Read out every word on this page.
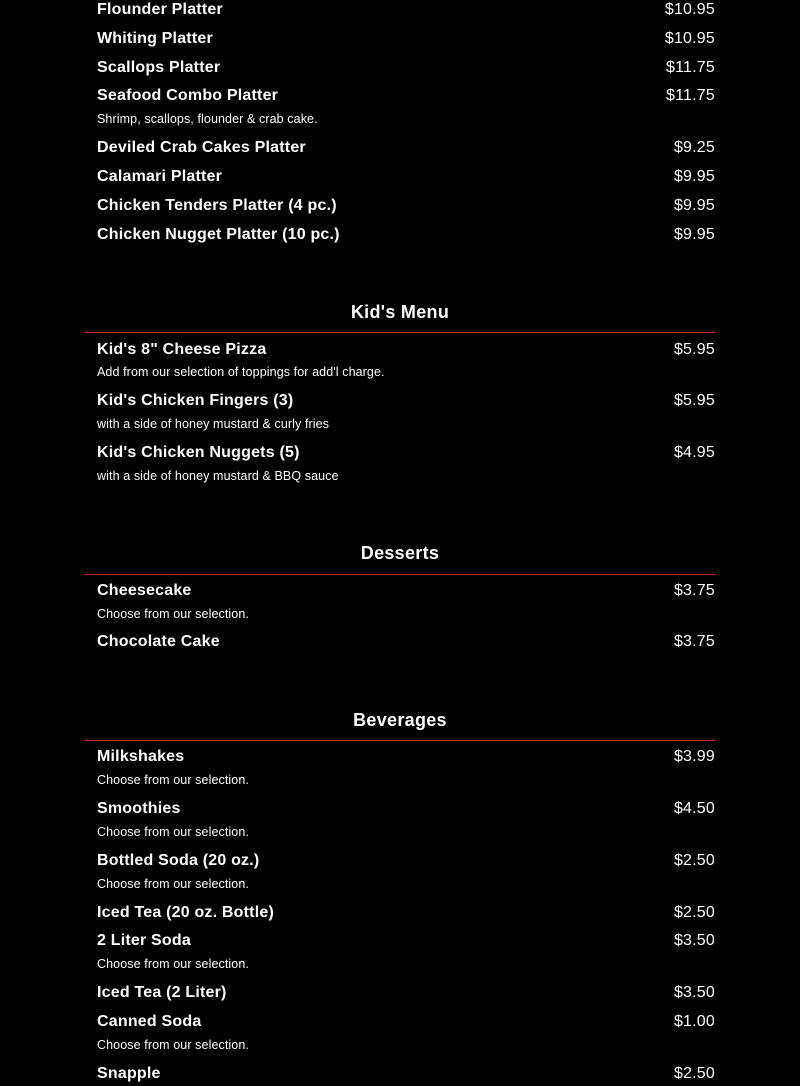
Flounder Platter	$10.95
Whiting Platter	$10.95
Scallops Platter	$11.75
Seafood Combo Platter	$11.75
Shrimp, scallops, flounder & crab cake.
Deviled Crab Cakes Platter	$9.25
Calamari Platter	$9.95
Chicken Tenders Platter (4 pc.)	$9.95
Chicken Nugget Platter (10 pc.)	$9.95
Kid's Menu
Kid's 8" Cheese Pizza	$5.95
Add from our selection of toppings for add'l charge.
Kid's Chicken Fingers (3)	$5.95
with a side of honey mustard & curly fries
Kid's Chicken Nuggets (5)	$4.95
with a side of honey mustard & BBQ sauce
Desserts
Cheesecake	$3.75
Choose from our selection.
Chocolate Cake	$3.75
Beverages
Milkshakes	$3.99
Choose from our selection.
Smoothies	$4.50
Choose from our selection.
Bottled Soda (20 oz.)	$2.50
Choose from our selection.
Iced Tea (20 oz. Bottle)	$2.50
2 Liter Soda	$3.50
Choose from our selection.
Iced Tea (2 Liter)	$3.50
Canned Soda	$1.00
Choose from our selection.
Snapple	$2.50
